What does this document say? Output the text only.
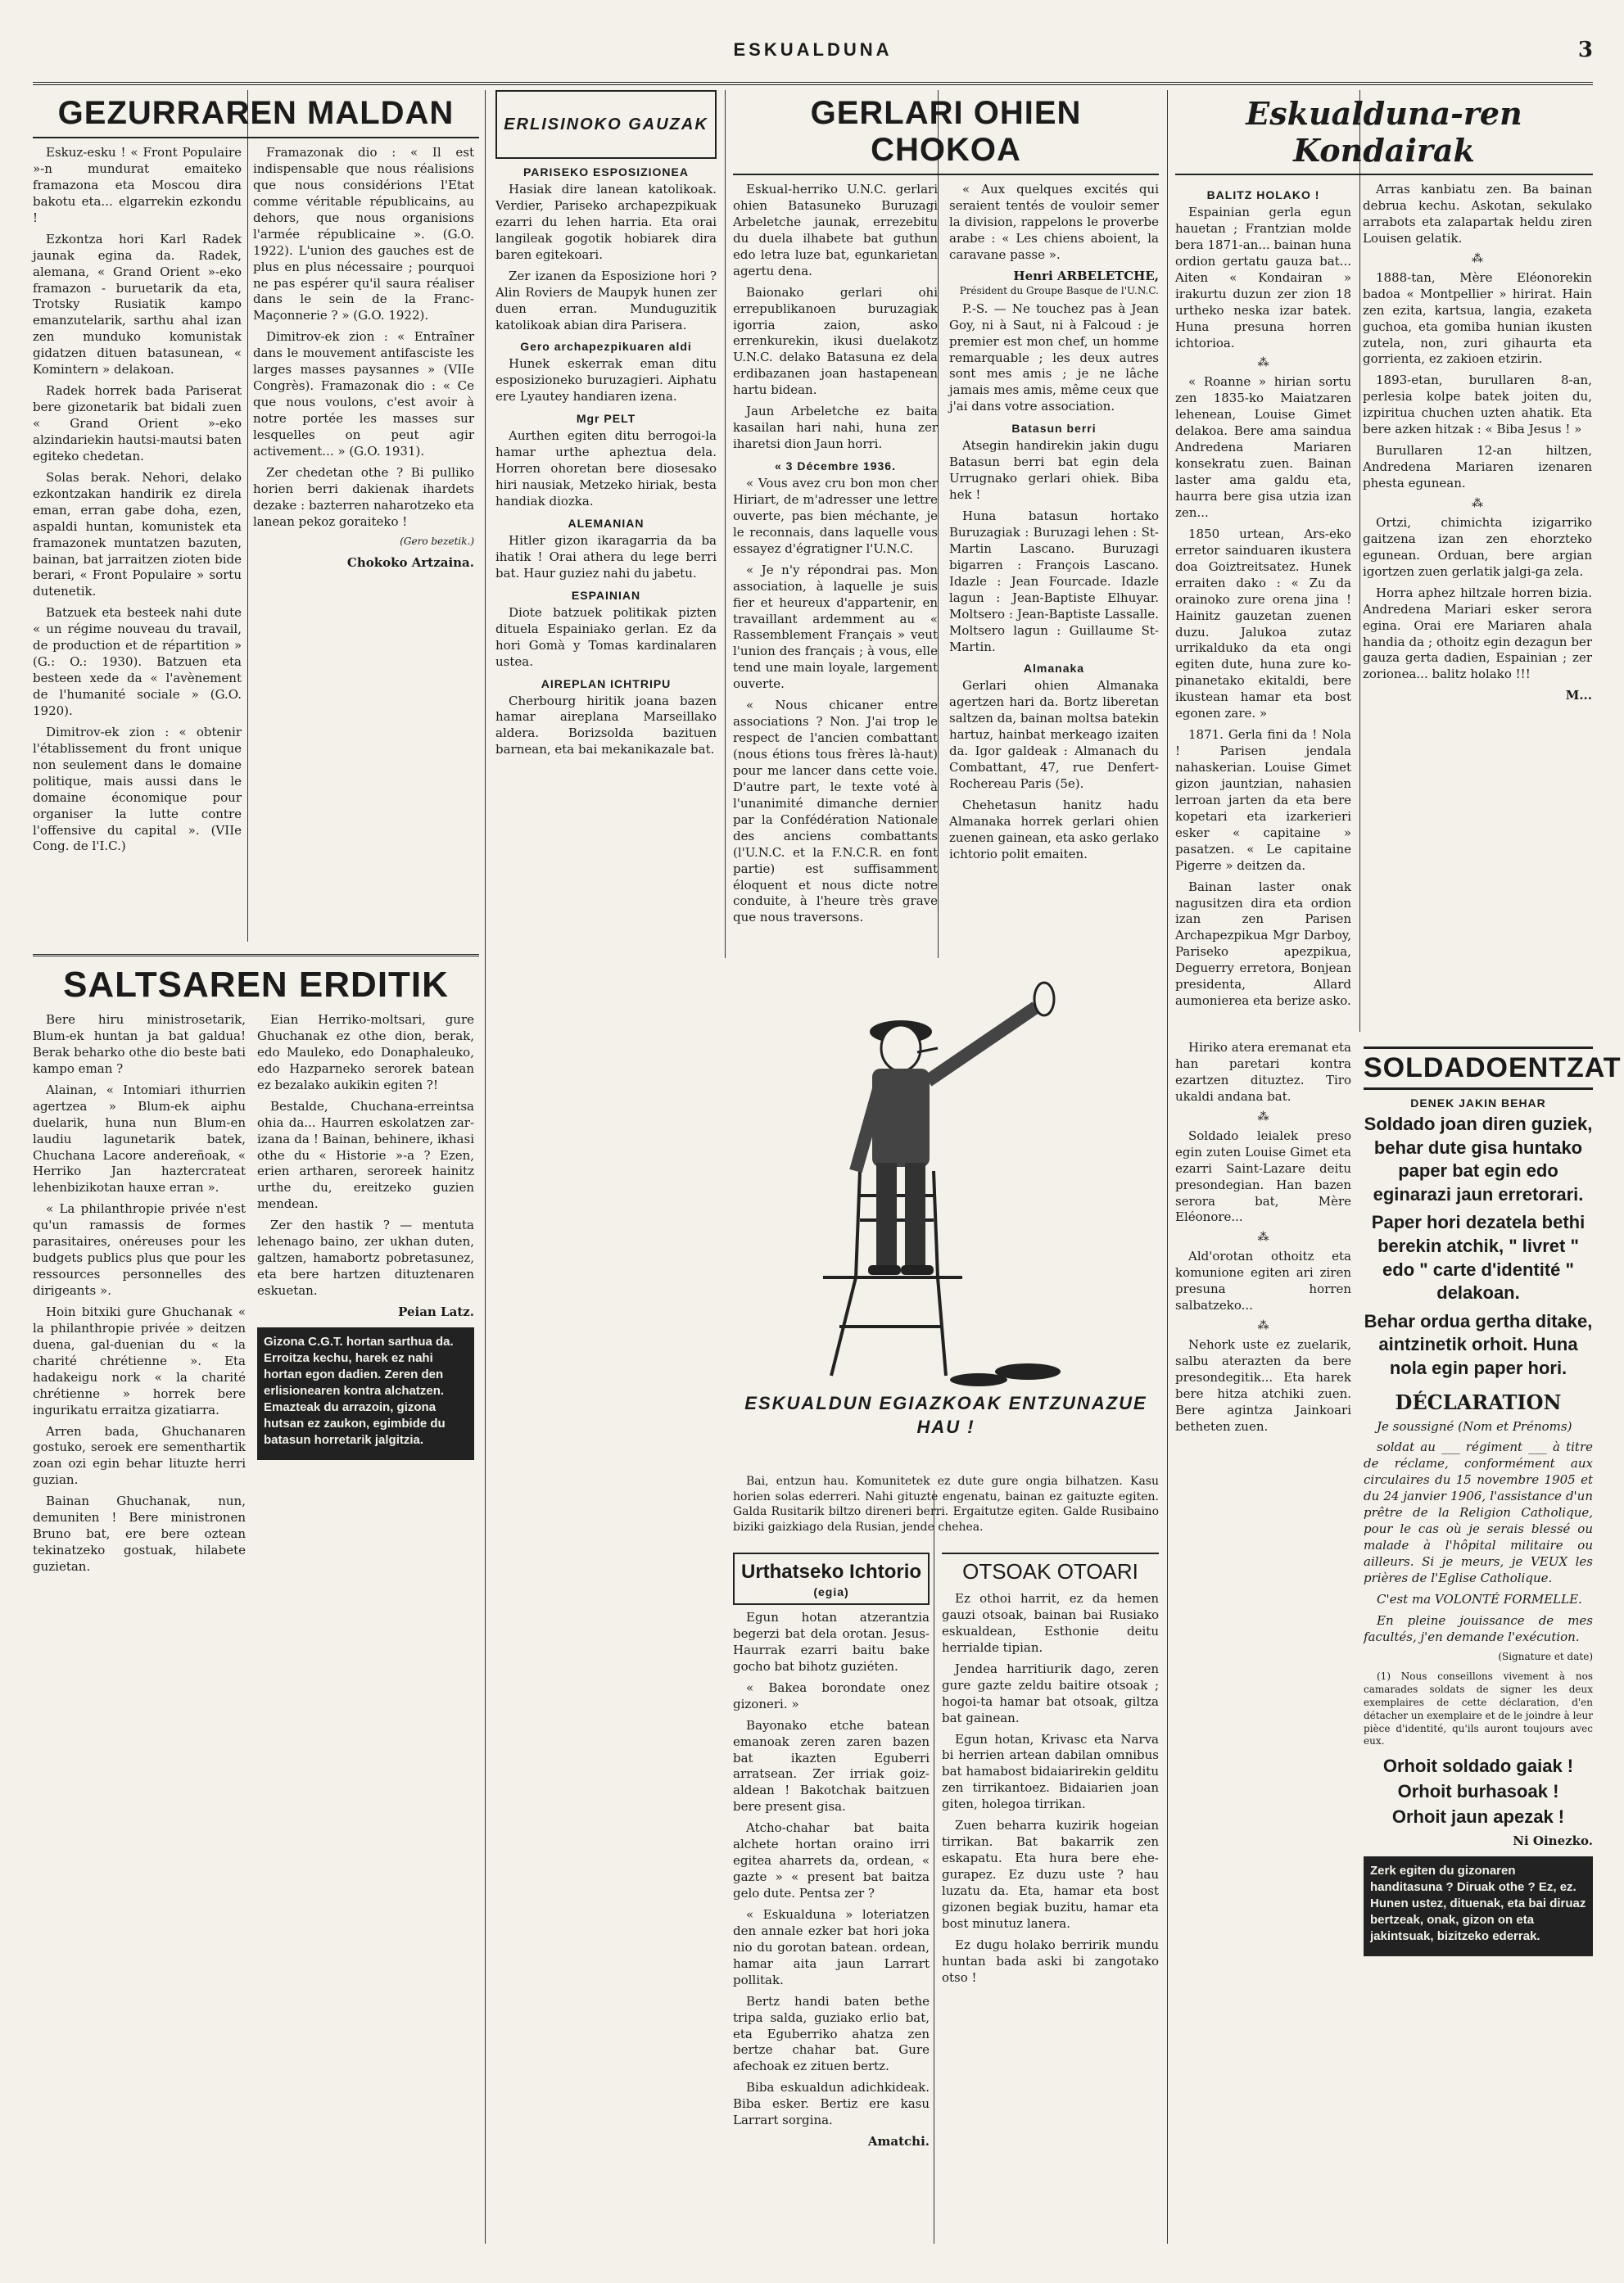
ESKUALDUNA	3
GEZURRAREN MALDAN

Eskuz-esku ! « Front Populaire »-n mundurat emaiteko framazona eta Moscou dira bakotu eta... elgarrekin ezkondu !

Ezkontza hori Karl Radek jaunak egina da. Radek, alemana, « Grand Orient »-eko framazon - buruetarik da eta, Trotsky Rusiatik kampo emanzutelarik, sarthu ahal izan zen munduko komunistak gidatzen dituen batasunean, « Komintern » delakoan.

Radek horrek bada Pariserat bere gizonetarik bat bidali zuen « Grand Orient »-eko alzindariekin hautsi-mautsi baten egiteko chedetan.

Solas berak. Nehori, delako ezkontzakan handirik ez direla eman, erran gabe doha, ezen, aspaldi huntan, komunistek eta framazonek muntatzen bazuten, bainan, bat jarraitzen zioten bide berari, « Front Populaire » sortu dutenetik.

Batzuek eta besteek nahi dute « un régime nouveau du travail, de production et de répartition » (G.: O.: 1930). Batzuen eta besteen xede da « l'avènement de l'humanité sociale » (G.O. 1920).

Dimitrov-ek zion : « obtenir l'établissement du front unique non seulement dans le domaine politique, mais aussi dans le domaine économique pour organiser la lutte contre l'offensive du capital ». (VIIe Cong. de l'I.C.)

Framazonak dio : « Il est indispensable que nous réalisions que nous considérions l'Etat comme véritable républicains, au dehors, que nous organisions l'armée républicaine ». (G.O. 1922). L'union des gauches est de plus en plus nécessaire ; pourquoi ne pas espérer qu'il saura réaliser dans le sein de la Franc-Maçonnerie ? » (G.O. 1922).

Dimitrov-ek zion : « Entraîner dans le mouvement antifasciste les larges masses paysannes » (VIIe Congrès). Framazonak dio : « Ce que nous voulons, c'est avoir à notre portée les masses sur lesquelles on peut agir activement... » (G.O. 1931).

Zer chedetan othe ? Bi pulliko horien berri dakienak ihardets dezake : bazterren naharotzeko eta lanean pekoz goraiteko !

(Gero bezetik.)
Chokoko Artzaina.
SALTSAREN ERDITIK

Bere hiru ministrosetarik, Blum-ek huntan ja bat galdua! Berak beharko othe dio beste bati kampo eman ?

Alainan, « Intomiari ithurrien agertzea » Blum-ek aiphu duelarik, huna nun Blum-en laudiu lagunetarik batek, Chuchana Lacore andereñoak, « Herriko Jan haztercrateat lehenbizikotan hauxe erran ».

« La philanthropie privée n'est qu'un ramassis de formes parasitaires, onéreuses pour les budgets publics plus que pour les ressources personnelles des dirigeants ».

Hoin bitxiki gure Ghuchanak « la philanthropie privée » deitzen duena, gal-duenian du « la charité chrétienne ». Eta hadakeigu nork « la charité chrétienne » horrek bere ingurikatu erraitza gizatiarra.

Arren bada, Ghuchanaren gostuko, seroek ere sementhartik zoan ozi egin behar lituzte herri guzian.

Bainan Ghuchanak, nun, demuniten ! Bere ministronen Bruno bat, ere bere oztean tekinatzeko gostuak, hilabete guzietan.

Eian Herriko-moltsari, gure Ghuchanak ez othe dion, berak, edo Mauleko, edo Donaphaleuko, edo Hazparneko serorek batean ez bezalako aukikin egiten ?!

Bestalde, Chuchana-erreintsa ohia da... Haurren eskolatzen zar-izana da ! Bainan, behinere, ikhasi othe du « Historie »-a ? Ezen, erien artharen, seroreek hainitz urthe du, ereitzeko guzien mendean.

Zer den hastik ? — mentuta lehenago baino, zer ukhan duten, galtzen, hamabortz pobretasunez, eta bere hartzen dituztenaren eskuetan.

Peian Latz.

Gizona C.G.T. hortan sarthua da. Erroitza kechu, harek ez nahi hortan egon dadien. Zeren den erlisionearen kontra alchatzen. Emazteak du arrazoin, gizona hutsan ez zaukon, egimbide du batasun horretarik jalgitzia.

ERLISINOKO GAUZAK
PARISEKO ESPOSIZIONEA

Hasiak dire lanean katolikoak. Verdier, Pariseko archapezpikuak ezarri du lehen harria. Eta orai langileak gogotik hobiarek dira baren egitekoari.

Zer izanen da Esposizione hori ? Alin Roviers de Maupyk hunen zer duen erran. Munduguzitik katolikoak abian dira Parisera.

Gero archapezpikuaren aldi

Hunek eskerrak eman ditu esposizioneko buruzagieri. Aiphatu ere Lyautey handiaren izena.

Mgr PELT

Aurthen egiten ditu berrogoi-la hamar urthe apheztua dela. Horren ohoretan bere diosesako hiri nausiak, Metzeko hiriak, besta handiak diozka.

ALEMANIAN

Hitler gizon ikaragarria da ba ihatik ! Orai athera du lege berri bat. Haur guziez nahi du jabetu.

ESPAINIAN

Diote batzuek politikak pizten dituela Espainiako gerlan. Ez da hori Gomà y Tomas kardinalaren ustea.

AIREPLAN ICHTRIPU

Cherbourg hiritik joana bazen hamar aireplana Marseillako aldera. Borizsolda bazituen barnean, eta bai mekanikazale bat.

GERLARI OHIEN CHOKOA

Eskual-herriko U.N.C. gerlari ohien Batasuneko Buruzagi Arbeletche jaunak, errezebitu du duela ilhabete bat guthun edo letra luze bat, egunkarietan agertu dena.

Baionako gerlari ohi errepublikanoen buruzagiak igorria zaion, asko errenkurekin, ikusi duelakotz U.N.C. delako Batasuna ez dela erdibazanen joan hastapenean hartu bidean.

Jaun Arbeletche ez baita kasailan hari nahi, huna zer iharetsi dion Jaun horri.

« 3 Décembre 1936.

« Vous avez cru bon mon cher Hiriart, de m'adresser une lettre ouverte, pas bien méchante, je le reconnais, dans laquelle vous essayez d'égratigner l'U.N.C.

« Je n'y répondrai pas. Mon association, à laquelle je suis fier et heureux d'appartenir, en travaillant ardemment au « Rassemblement Français » veut l'union des français ; à vous, elle tend une main loyale, largement ouverte.

« Nous chicaner entre associations ? Non. J'ai trop le respect de l'ancien combattant (nous étions tous frères là-haut) pour me lancer dans cette voie. D'autre part, le texte voté à l'unanimité dimanche dernier par la Confédération Nationale des anciens combattants (l'U.N.C. et la F.N.C.R. en font partie) est suffisamment éloquent et nous dicte notre conduite, à l'heure très grave que nous traversons.

« Aux quelques excités qui seraient tentés de vouloir semer la division, rappelons le proverbe arabe : « Les chiens aboient, la caravane passe ».

Henri ARBELETCHE,
Président du Groupe Basque de l'U.N.C.

P.-S. — Ne touchez pas à Jean Goy, ni à Saut, ni à Falcoud : je premier est mon chef, un homme remarquable ; les deux autres sont mes amis ; je ne lâche jamais mes amis, même ceux que j'ai dans votre association.

Batasun berri

Atsegin handirekin jakin dugu Batasun berri bat egin dela Urrugnako gerlari ohiek. Biba hek !

Huna batasun hortako Buruzagiak : Buruzagi lehen : St-Martin Lascano. Buruzagi bigarren : François Lascano. Idazle : Jean Fourcade. Idazle lagun : Jean-Baptiste Elhuyar. Moltsero : Jean-Baptiste Lassalle. Moltsero lagun : Guillaume St-Martin.

Almanaka

Gerlari ohien Almanaka agertzen hari da. Bortz liberetan saltzen da, bainan moltsa batekin hartuz, hainbat merkeago izaiten da. Igor galdeak : Almanach du Combattant, 47, rue Denfert-Rochereau Paris (5e).

Chehetasun hanitz hadu Almanaka horrek gerlari ohien zuenen gainean, eta asko gerlako ichtorio polit emaiten.

ESKUALDUN EGIAZKOAK ENTZUNAZUE HAU !

Bai, entzun hau. Komunitetek ez dute gure ongia bilhatzen. Kasu horien solas ederreri. Nahi gituzte engenatu, bainan ez gaituzte egiten. Galda Rusitarik biltzo direneri berri. Ergaitutze egiten. Galde Rusibaino biziki gaizkiago dela Rusian, jende chehea.

Urthatseko Ichtorio
(egia)

Egun hotan atzerantzia begerzi bat dela orotan. Jesus-Haurrak ezarri baitu bake gocho bat bihotz guziéten.

« Bakea borondate onez gizoneri. »

Bayonako etche batean emanoak zeren zaren bazen bat ikazten Eguberri arratsean. Zer irriak goiz-aldean ! Bakotchak baitzuen bere present gisa.

Atcho-chahar bat baita alchete hortan oraino irri egitea aharrets da, ordean, « gazte » « present bat baitza gelo dute. Pentsa zer ?

« Eskualduna » loteriatzen den annale ezker bat hori joka nio du gorotan batean. ordean, hamar aita jaun Larrart pollitak.

Bertz handi baten bethe tripa salda, guziako erlio bat, eta Eguberriko ahatza zen bertze chahar bat. Gure afechoak ez zituen bertz.

Biba eskualdun adichkideak. Biba esker. Bertiz ere kasu Larrart sorgina.

Amatchi.
OTSOAK OTOARI

Ez othoi harrit, ez da hemen gauzi otsoak, bainan bai Rusiako eskualdean, Esthonie deitu herrialde tipian.

Jendea harritiurik dago, zeren gure gazte zeldu baitire otsoak ; hogoi-ta hamar bat otsoak, giltza bat gainean.

Egun hotan, Krivasc eta Narva bi herrien artean dabilan omnibus bat hamabost bidaiarirekin gelditu zen tirrikantoez. Bidaiarien joan giten, holegoa tirrikan.

Zuen beharra kuzirik hogeian tirrikan. Bat bakarrik zen eskapatu. Eta hura bere ehe- gurapez. Ez duzu uste ? hau luzatu da. Eta, hamar eta bost gizonen begiak buzitu, hamar eta bost minutuz lanera.

Ez dugu holako berririk mundu huntan bada aski bi zangotako otso !

Eskualduna-ren Kondairak
BALITZ HOLAKO !

Espainian gerla egun hauetan ; Frantzian molde bera 1871-an... bainan huna ordion gertatu gauza bat... Aiten « Kondairan » irakurtu duzun zer zion 18 urtheko neska izar batek. Huna presuna horren ichtorioa.

⁂

« Roanne » hirian sortu zen 1835-ko Maiatzaren lehenean, Louise Gimet delakoa. Bere ama saindua Andredena Mariaren konsekratu zuen. Bainan laster ama galdu eta, haurra bere gisa utzia izan zen...

1850 urtean, Ars-eko erretor sainduaren ikustera doa Goiztreitsatez. Hunek erraiten dako : « Zu da orainoko zure orena jina ! Hainitz gauzetan zuenen duzu. Jalukoa zutaz urrikalduko da eta ongi egiten dute, huna zure ko-pinanetako ekitaldi, bere ikustean hamar eta bost egonen zare. »

1871. Gerla fini da ! Nola ! Parisen jendala nahaskerian. Louise Gimet gizon jauntzian, nahasien lerroan jarten da eta bere kopetari eta izarkerieri esker « capitaine » pasatzen. « Le capitaine Pigerre » deitzen da.

Bainan laster onak nagusitzen dira eta ordion izan zen Parisen Archapezpikua Mgr Darboy, Pariseko apezpikua, Deguerry erretora, Bonjean presidenta, Allard aumonierea eta berize asko.

Arras kanbiatu zen. Ba bainan debrua kechu. Askotan, sekulako arrabots eta zalapartak heldu ziren Louisen gelatik.

⁂

1888-tan, Mère Eléonorekin badoa « Montpellier » hirirat. Hain zen ezita, kartsua, langia, ezaketa guchoa, eta gomiba hunian ikusten zutela, non, zuri gihaurta eta gorrienta, ez zakioen etzirin.

1893-etan, burullaren 8-an, perlesia kolpe batek joiten du, izpiritua chuchen uzten ahatik. Eta bere azken hitzak : « Biba Jesus ! »

Burullaren 12-an hiltzen, Andredena Mariaren izenaren phesta egunean.

⁂

Ortzi, chimichta izigarriko gaitzena izan zen ehorzteko egunean. Orduan, bere argian igortzen zuen gerlatik jalgi-ga zela.

Horra aphez hiltzale horren bizia. Andredena Mariari esker serora egina. Orai ere Mariaren ahala handia da ; othoitz egin dezagun ber gauza gerta dadien, Espainian ; zer zorionea... balitz holako !!!

M...

Hiriko atera eremanat eta han paretari kontra ezartzen dituztez. Tiro ukaldi andana bat.

⁂

Soldado leialek preso egin zuten Louise Gimet eta ezarri Saint-Lazare deitu presondegian. Han bazen serora bat, Mère Eléonore...

⁂

Ald'orotan othoitz eta komunione egiten ari ziren presuna horren salbatzeko...

⁂

Nehork uste ez zuelarik, salbu aterazten da bere presondegitik... Eta harek bere hitza atchiki zuen. Bere agintza Jainkoari betheten zuen.

SOLDADOENTZAT
DENEK JAKIN BEHAR

Soldado joan diren guziek, behar dute gisa huntako paper bat egin edo eginarazi jaun erretorari.

Paper hori dezatela bethi berekin atchik, " livret " edo " carte d'identité " delakoan.

Behar ordua gertha ditake, aintzinetik orhoit. Huna nola egin paper hori.

DÉCLARATION

Je soussigné (Nom et Prénoms)

soldat au ___ régiment ___ à titre de réclame, conformément aux circulaires du 15 novembre 1905 et du 24 janvier 1906, l'assistance d'un prêtre de la Religion Catholique, pour le cas où je serais blessé ou malade à l'hôpital militaire ou ailleurs. Si je meurs, je VEUX les prières de l'Eglise Catholique.

C'est ma VOLONTÉ FORMELLE.

En pleine jouissance de mes facultés, j'en demande l'exécution.

(Signature et date)

(1) Nous conseillons vivement à nos camarades soldats de signer les deux exemplaires de cette déclaration, d'en détacher un exemplaire et de le joindre à leur pièce d'identité, qu'ils auront toujours avec eux.

Orhoit soldado gaiak !

Orhoit burhasoak !

Orhoit jaun apezak !

Ni Oinezko.

Zerk egiten du gizonaren handitasuna ? Diruak othe ? Ez, ez. Hunen ustez, dituenak, eta bai diruaz bertzeak, onak, gizon on eta jakintsuak, bizitzeko ederrak.
